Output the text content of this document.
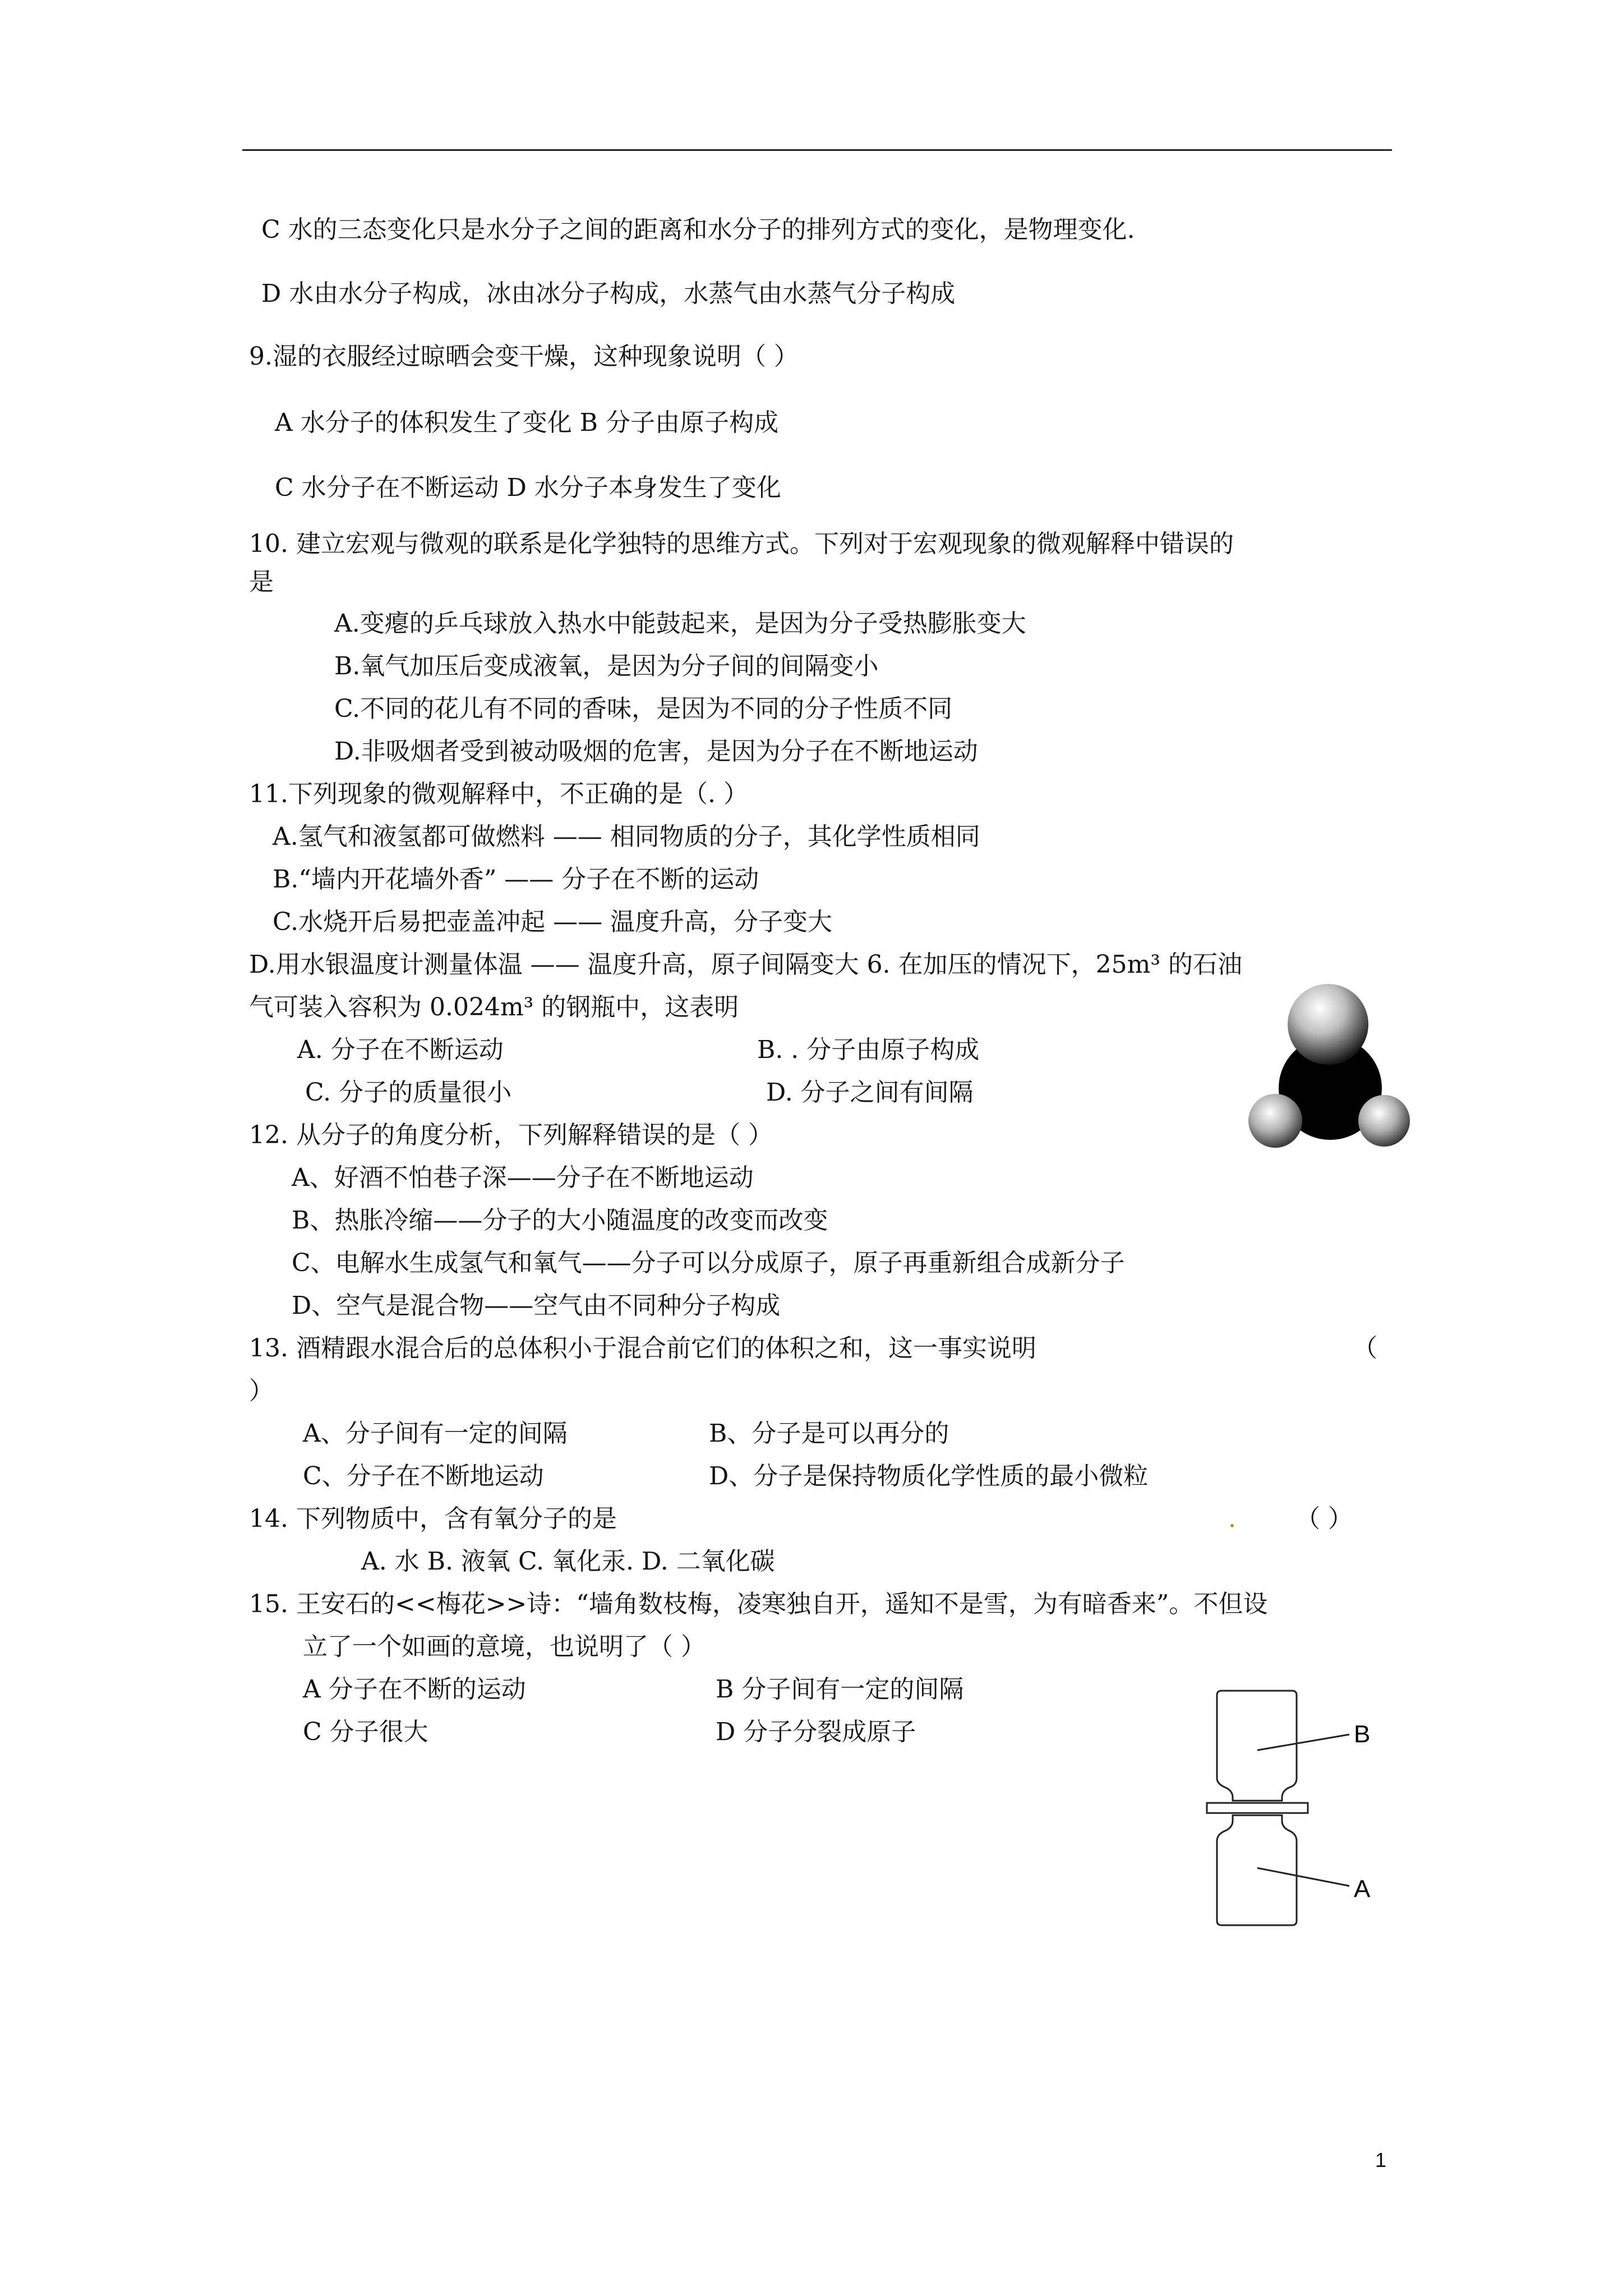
C 水的三态变化只是水分子之间的距离和水分子的排列方式的变化，是物理变化.
D 水由水分子构成，冰由冰分子构成，水蒸气由水蒸气分子构成
9.湿的衣服经过晾晒会变干燥，这种现象说明（ ）
A 水分子的体积发生了变化 B 分子由原子构成
C 水分子在不断运动 D 水分子本身发生了变化
10. 建立宏观与微观的联系是化学独特的思维方式。下列对于宏观现象的微观解释中错误的
是
A.变瘪的乒乓球放入热水中能鼓起来，是因为分子受热膨胀变大
B.氧气加压后变成液氧，是因为分子间的间隔变小
C.不同的花儿有不同的香味，是因为不同的分子性质不同
D.非吸烟者受到被动吸烟的危害，是因为分子在不断地运动
11.下列现象的微观解释中，不正确的是（. ）
A.氢气和液氢都可做燃料 —— 相同物质的分子，其化学性质相同
B.“墙内开花墙外香” —— 分子在不断的运动
C.水烧开后易把壶盖冲起 —— 温度升高，分子变大
D.用水银温度计测量体温 —— 温度升高，原子间隔变大 6. 在加压的情况下，25m³ 的石油
气可装入容积为 0.024m³ 的钢瓶中，这表明
A. 分子在不断运动	B. . 分子由原子构成
C. 分子的质量很小	D. 分子之间有间隔
12. 从分子的角度分析，下列解释错误的是（ ）
A、好酒不怕巷子深——分子在不断地运动
B、热胀冷缩——分子的大小随温度的改变而改变
C、电解水生成氢气和氧气——分子可以分成原子，原子再重新组合成新分子
D、空气是混合物——空气由不同种分子构成
13. 酒精跟水混合后的总体积小于混合前它们的体积之和，这一事实说明	（
）
A、分子间有一定的间隔	B、分子是可以再分的
C、分子在不断地运动	D、分子是保持物质化学性质的最小微粒
14. 下列物质中，含有氧分子的是	. （ ）
A. 水 B. 液氧 C. 氧化汞. D. 二氧化碳
15. 王安石的<<梅花>>诗：“墙角数枝梅，凌寒独自开，遥知不是雪，为有暗香来”。不但设
立了一个如画的意境，也说明了（ ）
A 分子在不断的运动	B 分子间有一定的间隔
C 分子很大	D 分子分裂成原子	B
A
1
